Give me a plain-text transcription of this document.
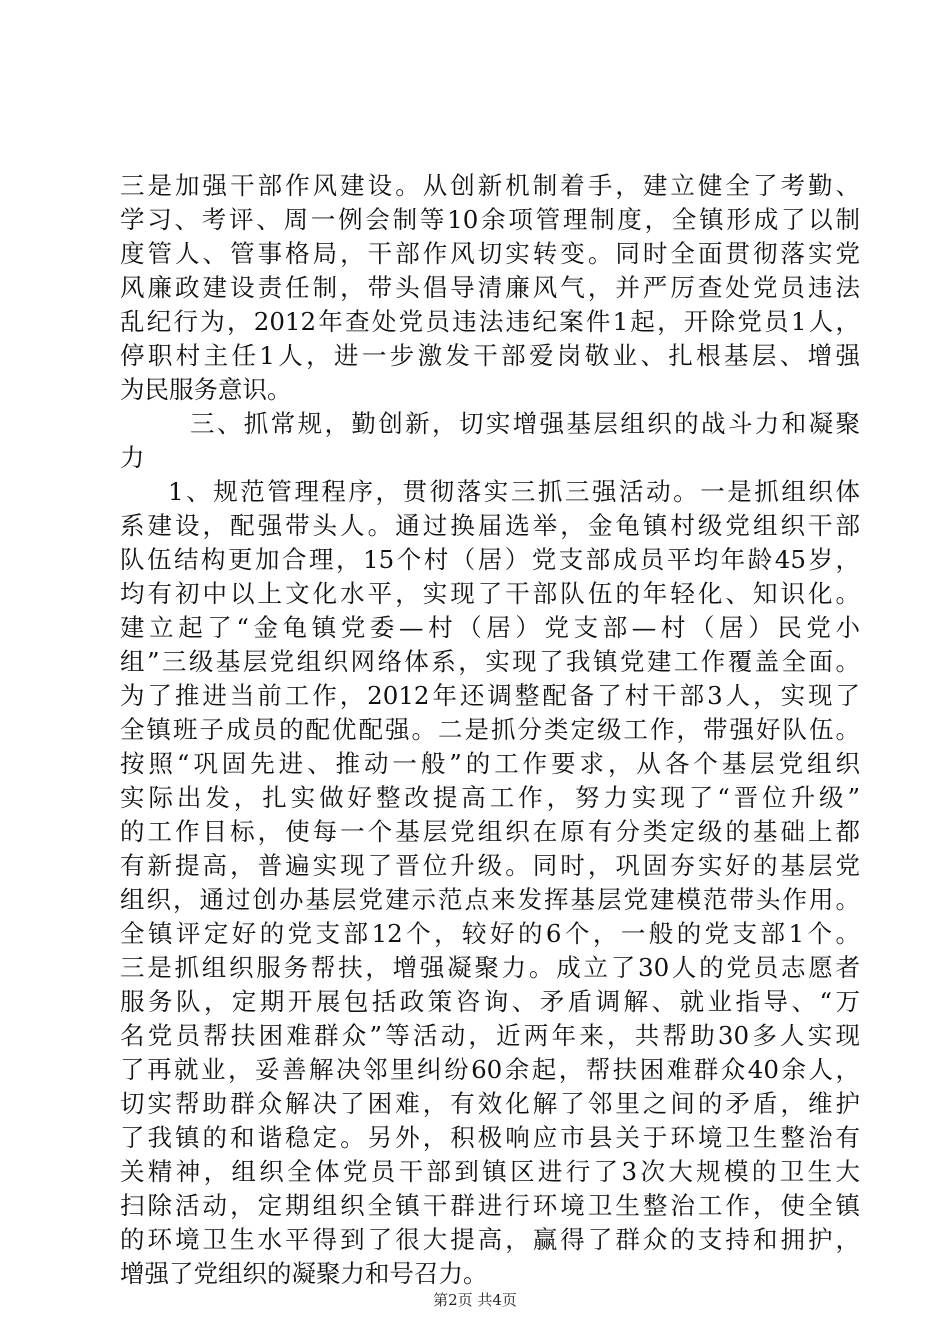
三是加强干部作风建设。从创新机制着手，建立健全了考勤、
学习、考评、周一例会制等10余项管理制度，全镇形成了以制
度管人、管事格局，干部作风切实转变。同时全面贯彻落实党
风廉政建设责任制，带头倡导清廉风气，并严厉查处党员违法
乱纪行为，2012年查处党员违法违纪案件1起，开除党员1人，
停职村主任1人，进一步激发干部爱岗敬业、扎根基层、增强
为民服务意识。
三、抓常规，勤创新，切实增强基层组织的战斗力和凝聚
力
1、规范管理程序，贯彻落实三抓三强活动。一是抓组织体
系建设，配强带头人。通过换届选举，金龟镇村级党组织干部
队伍结构更加合理，15个村（居）党支部成员平均年龄45岁，
均有初中以上文化水平，实现了干部队伍的年轻化、知识化。
建立起了“金龟镇党委—村（居）党支部—村（居）民党小
组”三级基层党组织网络体系，实现了我镇党建工作覆盖全面。
为了推进当前工作，2012年还调整配备了村干部3人，实现了
全镇班子成员的配优配强。二是抓分类定级工作，带强好队伍。
按照“巩固先进、推动一般”的工作要求，从各个基层党组织
实际出发，扎实做好整改提高工作，努力实现了“晋位升级”
的工作目标，使每一个基层党组织在原有分类定级的基础上都
有新提高，普遍实现了晋位升级。同时，巩固夯实好的基层党
组织，通过创办基层党建示范点来发挥基层党建模范带头作用。
全镇评定好的党支部12个，较好的6个，一般的党支部1个。
三是抓组织服务帮扶，增强凝聚力。成立了30人的党员志愿者
服务队，定期开展包括政策咨询、矛盾调解、就业指导、“万
名党员帮扶困难群众”等活动，近两年来，共帮助30多人实现
了再就业，妥善解决邻里纠纷60余起，帮扶困难群众40余人，
切实帮助群众解决了困难，有效化解了邻里之间的矛盾，维护
了我镇的和谐稳定。另外，积极响应市县关于环境卫生整治有
关精神，组织全体党员干部到镇区进行了3次大规模的卫生大
扫除活动，定期组织全镇干群进行环境卫生整治工作，使全镇
的环境卫生水平得到了很大提高，赢得了群众的支持和拥护，
增强了党组织的凝聚力和号召力。
第2页 共4页
